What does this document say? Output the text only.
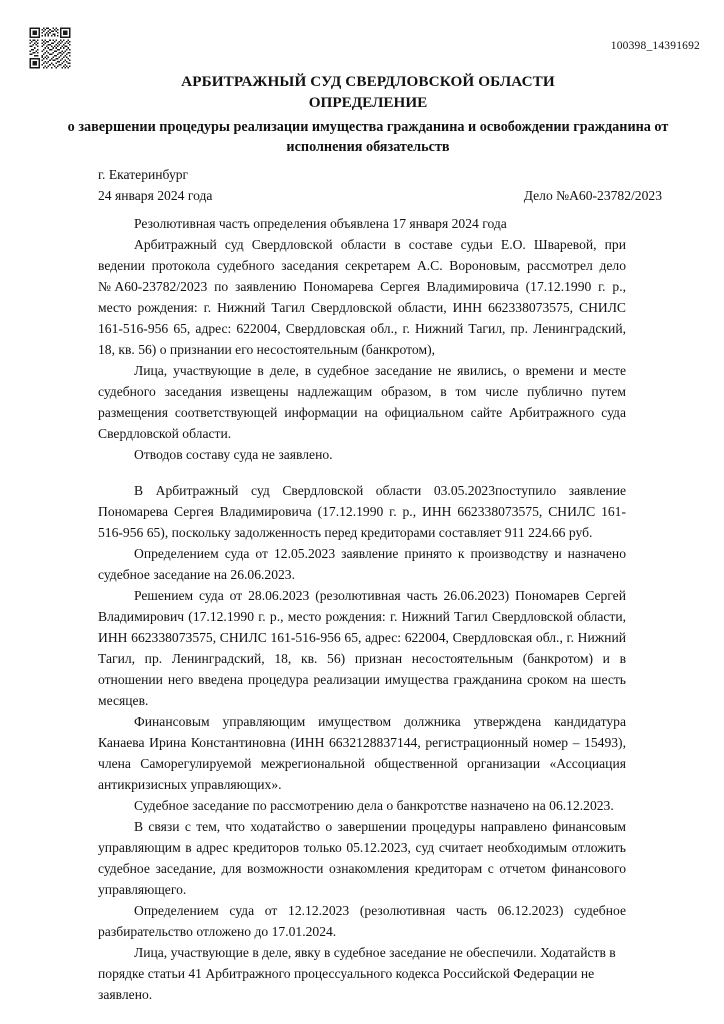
100398_14391692
АРБИТРАЖНЫЙ СУД СВЕРДЛОВСКОЙ ОБЛАСТИ
ОПРЕДЕЛЕНИЕ
о завершении процедуры реализации имущества гражданина и освобождении гражданина от исполнения обязательств
г. Екатеринбург
24 января 2024 года	Дело №А60-23782/2023

Резолютивная часть определения объявлена 17 января 2024 года

Арбитражный суд Свердловской области в составе судьи Е.О. Шваревой, при ведении протокола судебного заседания секретарем А.С. Вороновым, рассмотрел дело №А60-23782/2023 по заявлению Пономарева Сергея Владимировича (17.12.1990 г. р., место рождения: г. Нижний Тагил Свердловской области, ИНН 662338073575, СНИЛС 161-516-956 65, адрес: 622004, Свердловская обл., г. Нижний Тагил, пр. Ленинградский, 18, кв. 56) о признании его несостоятельным (банкротом),

Лица, участвующие в деле, в судебное заседание не явились, о времени и месте судебного заседания извещены надлежащим образом, в том числе публично путем размещения соответствующей информации на официальном сайте Арбитражного суда Свердловской области.

Отводов составу суда не заявлено.

В Арбитражный суд Свердловской области 03.05.2023поступило заявление Пономарева Сергея Владимировича (17.12.1990 г. р., ИНН 662338073575, СНИЛС 161-516-956 65), поскольку задолженность перед кредиторами составляет 911 224.66 руб.

Определением суда от 12.05.2023 заявление принято к производству и назначено судебное заседание на 26.06.2023.

Решением суда от 28.06.2023 (резолютивная часть 26.06.2023) Пономарев Сергей Владимирович (17.12.1990 г. р., место рождения: г. Нижний Тагил Свердловской области, ИНН 662338073575, СНИЛС 161-516-956 65, адрес: 622004, Свердловская обл., г. Нижний Тагил, пр. Ленинградский, 18, кв. 56) признан несостоятельным (банкротом) и в отношении него введена процедура реализации имущества гражданина сроком на шесть месяцев.

Финансовым управляющим имуществом должника утверждена кандидатура Канаева Ирина Константиновна (ИНН 6632128837144, регистрационный номер – 15493), члена Саморегулируемой межрегиональной общественной организации «Ассоциация антикризисных управляющих».

Судебное заседание по рассмотрению дела о банкротстве назначено на 06.12.2023.

В связи с тем, что ходатайство о завершении процедуры направлено финансовым управляющим в адрес кредиторов только 05.12.2023, суд считает необходимым отложить судебное заседание, для возможности ознакомления кредиторам с отчетом финансового управляющего.

Определением суда от 12.12.2023 (резолютивная часть 06.12.2023) судебное разбирательство отложено до 17.01.2024.

Лица, участвующие в деле, явку в судебное заседание не обеспечили. Ходатайств в порядке статьи 41 Арбитражного процессуального кодекса Российской Федерации не заявлено.
